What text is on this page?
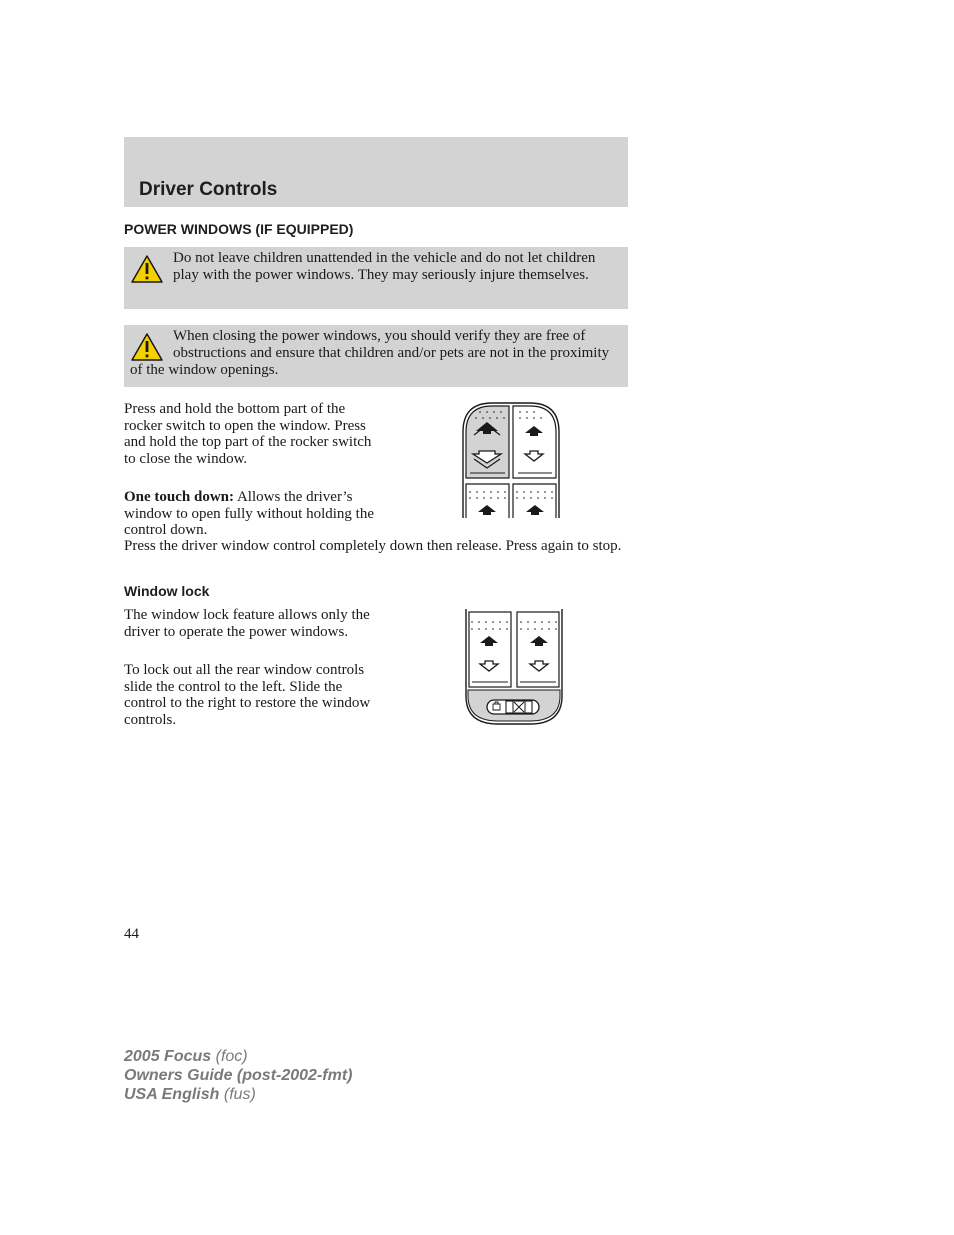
Driver Controls
POWER WINDOWS (IF EQUIPPED)

Do not leave children unattended in the vehicle and do not let children play with the power windows. They may seriously injure themselves.

When closing the power windows, you should verify they are free of obstructions and ensure that children and/or pets are not in the proximity of the window openings.

Press and hold the bottom part of the rocker switch to open the window. Press and hold the top part of the rocker switch to close the window.

One touch down: Allows the driver’s window to open fully without holding the control down.

Press the driver window control completely down then release. Press again to stop.

Window lock

The window lock feature allows only the driver to operate the power windows.

To lock out all the rear window controls slide the control to the left. Slide the control to the right to restore the window controls.

44

2005 Focus (foc)
Owners Guide (post-2002-fmt)
USA English (fus)
